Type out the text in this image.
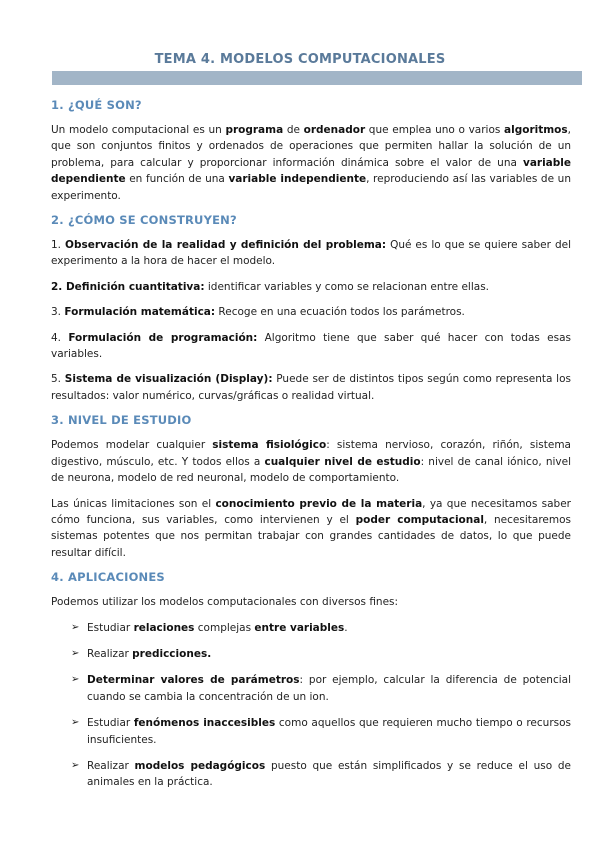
TEMA 4. MODELOS COMPUTACIONALES
1. ¿QUÉ SON?

Un modelo computacional es un programa de ordenador que emplea uno o varios algoritmos, que son conjuntos finitos y ordenados de operaciones que permiten hallar la solución de un problema, para calcular y proporcionar información dinámica sobre el valor de una variable dependiente en función de una variable independiente, reproduciendo así las variables de un experimento.

2. ¿CÓMO SE CONSTRUYEN?

1. Observación de la realidad y definición del problema: Qué es lo que se quiere saber del experimento a la hora de hacer el modelo.

2. Definición cuantitativa: identificar variables y como se relacionan entre ellas.

3. Formulación matemática: Recoge en una ecuación todos los parámetros.

4. Formulación de programación: Algoritmo tiene que saber qué hacer con todas esas variables.

5. Sistema de visualización (Display): Puede ser de distintos tipos según como representa los resultados: valor numérico, curvas/gráficas o realidad virtual.

3. NIVEL DE ESTUDIO

Podemos modelar cualquier sistema fisiológico: sistema nervioso, corazón, riñón, sistema digestivo, músculo, etc. Y todos ellos a cualquier nivel de estudio: nivel de canal iónico, nivel de neurona, modelo de red neuronal, modelo de comportamiento.

Las únicas limitaciones son el conocimiento previo de la materia, ya que necesitamos saber cómo funciona, sus variables, como intervienen y el poder computacional, necesitaremos sistemas potentes que nos permitan trabajar con grandes cantidades de datos, lo que puede resultar difícil.

4. APLICACIONES

Podemos utilizar los modelos computacionales con diversos fines:

➢ Estudiar relaciones complejas entre variables.
➢ Realizar predicciones.
➢ Determinar valores de parámetros: por ejemplo, calcular la diferencia de potencial cuando se cambia la concentración de un ion.
➢ Estudiar fenómenos inaccesibles como aquellos que requieren mucho tiempo o recursos insuficientes.
➢ Realizar modelos pedagógicos puesto que están simplificados y se reduce el uso de animales en la práctica.
